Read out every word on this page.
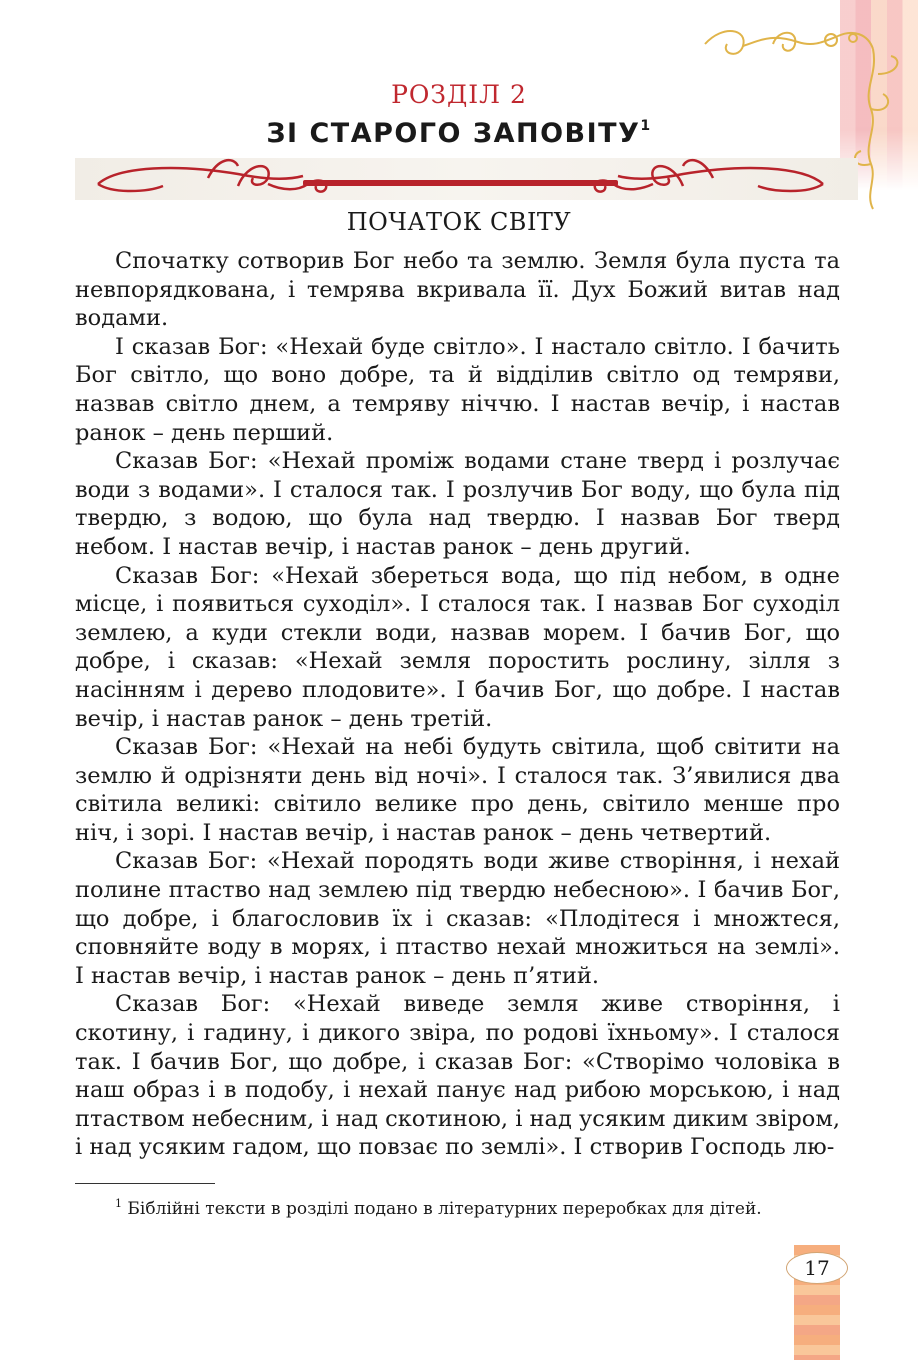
РОЗДІЛ 2
ЗІ СТАРОГО ЗАПОВІТУ$^1$
ПОЧАТОК СВІТУ

Спочатку сотворив Бог небо та землю. Земля була пуста та невпорядкована, і темрява вкривала її. Дух Божий витав над водами.

І сказав Бог: «Нехай буде світло». І настало світло. І бачить Бог світло, що воно добре, та й відділив світло од темряви, назвав світло днем, а темряву ніччю. І настав вечір, і настав ранок – день перший.

Сказав Бог: «Нехай проміж водами стане тверд і розлучає води з водами». І сталося так. І розлучив Бог воду, що була під твердю, з водою, що була над твердю. І назвав Бог тверд небом. І настав вечір, і настав ранок – день другий.

Сказав Бог: «Нехай збереться вода, що під небом, в одне місце, і появиться суходіл». І сталося так. І назвав Бог суходіл землею, а куди стекли води, назвав морем. І бачив Бог, що добре, і сказав: «Нехай земля поростить рослину, зілля з насінням і дерево плодовите». І бачив Бог, що добре. І настав вечір, і настав ранок – день третій.

Сказав Бог: «Нехай на небі будуть світила, щоб світити на землю й одрізняти день від ночі». І сталося так. З’явилися два світила великі: світило велике про день, світило менше про ніч, і зорі. І настав вечір, і настав ранок – день четвертий.

Сказав Бог: «Нехай породять води живе створіння, і нехай полине птаство над землею під твердю небесною». І бачив Бог, що добре, і благословив їх і сказав: «Плодітеся і множтеся, сповняйте воду в морях, і птаство нехай множиться на землі». І настав вечір, і настав ранок – день п’ятий.

Сказав Бог: «Нехай виведе земля живе створіння, і скотину, і гадину, і дикого звіра, по родові їхньому». І сталося так. І бачив Бог, що добре, і сказав Бог: «Створімо чоловіка в наш образ і в подобу, і нехай панує над рибою морською, і над птаством небесним, і над скотиною, і над усяким диким звіром, і над усяким гадом, що повзає по землі». І створив Господь лю-

$^1$ Біблійні тексти в розділі подано в літературних переробках для дітей.
17
